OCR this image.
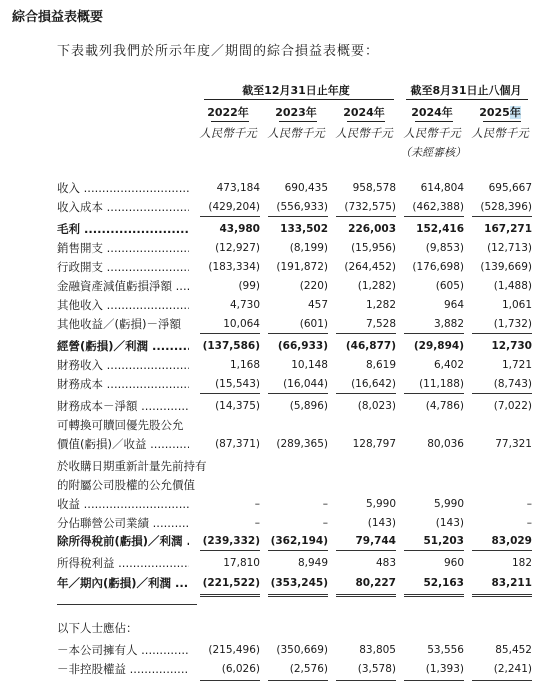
綜合損益表概要
下表載列我們於所示年度／期間的綜合損益表概要：
截至12月31日止年度	截至8月31日止八個月
2022年	2023年	2024年	2024年	2025年
人民幣千元 人民幣千元 人民幣千元 人民幣千元 人民幣千元
（未經審核）
收入 .....	473,184	690,435	958,578	614,804	695,667
收入成本 .....	(429,204)	(556,933)	(732,575)	(462,388)	(528,396)
毛利 .....	43,980	133,502	226,003	152,416	167,271
銷售開支 .....	(12,927)	(8,199)	(15,956)	(9,853)	(12,713)
行政開支 .....	(183,334)	(191,872)	(264,452)	(176,698)	(139,669)
金融資產減值虧損淨額 .....	(99)	(220)	(1,282)	(605)	(1,488)
其他收入 .....	4,730	457	1,282	964	1,061
其他收益／(虧損)－淨額	10,064	(601)	7,528	3,882	(1,732)
經營(虧損)／利潤 .....	(137,586)	(66,933)	(46,877)	(29,894)	12,730
財務收入 .....	1,168	10,148	8,619	6,402	1,721
財務成本 .....	(15,543)	(16,044)	(16,642)	(11,188)	(8,743)
財務成本－淨額 .....	(14,375)	(5,896)	(8,023)	(4,786)	(7,022)
可轉換可贖回優先股公允
價值(虧損)／收益 .....	(87,371)	(289,365)	128,797	80,036	77,321
於收購日期重新計量先前持有
的附屬公司股權的公允價值
收益 .....	–	–	5,990	5,990	–
分佔聯營公司業績 .....	–	–	(143)	(143)	–
除所得稅前(虧損)／利潤 .....	(239,332)	(362,194)	79,744	51,203	83,029
所得稅利益 .....	17,810	8,949	483	960	182
年／期內(虧損)／利潤 .....	(221,522)	(353,245)	80,227	52,163	83,211
以下人士應佔：
－本公司擁有人 .....	(215,496)	(350,669)	83,805	53,556	85,452
－非控股權益 .....	(6,026)	(2,576)	(3,578)	(1,393)	(2,241)
